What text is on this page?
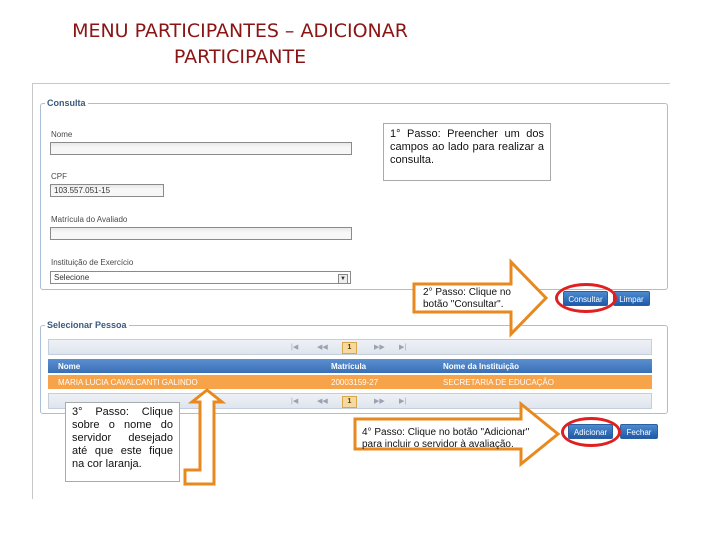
MENU PARTICIPANTES – ADICIONAR
PARTICIPANTE
Consulta
Nome
CPF
103.557.051-15
Matrícula do Avaliado
Instituição de Exercício
Selecione	▼
Selecionar Pessoa
|◀	◀◀	1	▶▶ ▶|
Nome	Matrícula	Nome da Instituição
MARIA LUCIA CAVALCANTI GALINDO	20003159-27	SECRETARIA DE EDUCAÇÃO
|◀	◀◀	1	▶▶ ▶|
Consultar	Limpar
Adicionar	Fechar
1° Passo: Preencher um dos campos ao lado para realizar a consulta.
2° Passo: Clique no botão "Consultar".
3° Passo: Clique sobre o nome do servidor desejado até que este fique na cor laranja.
4° Passo: Clique no botão "Adicionar" para incluir o servidor à avaliação.
